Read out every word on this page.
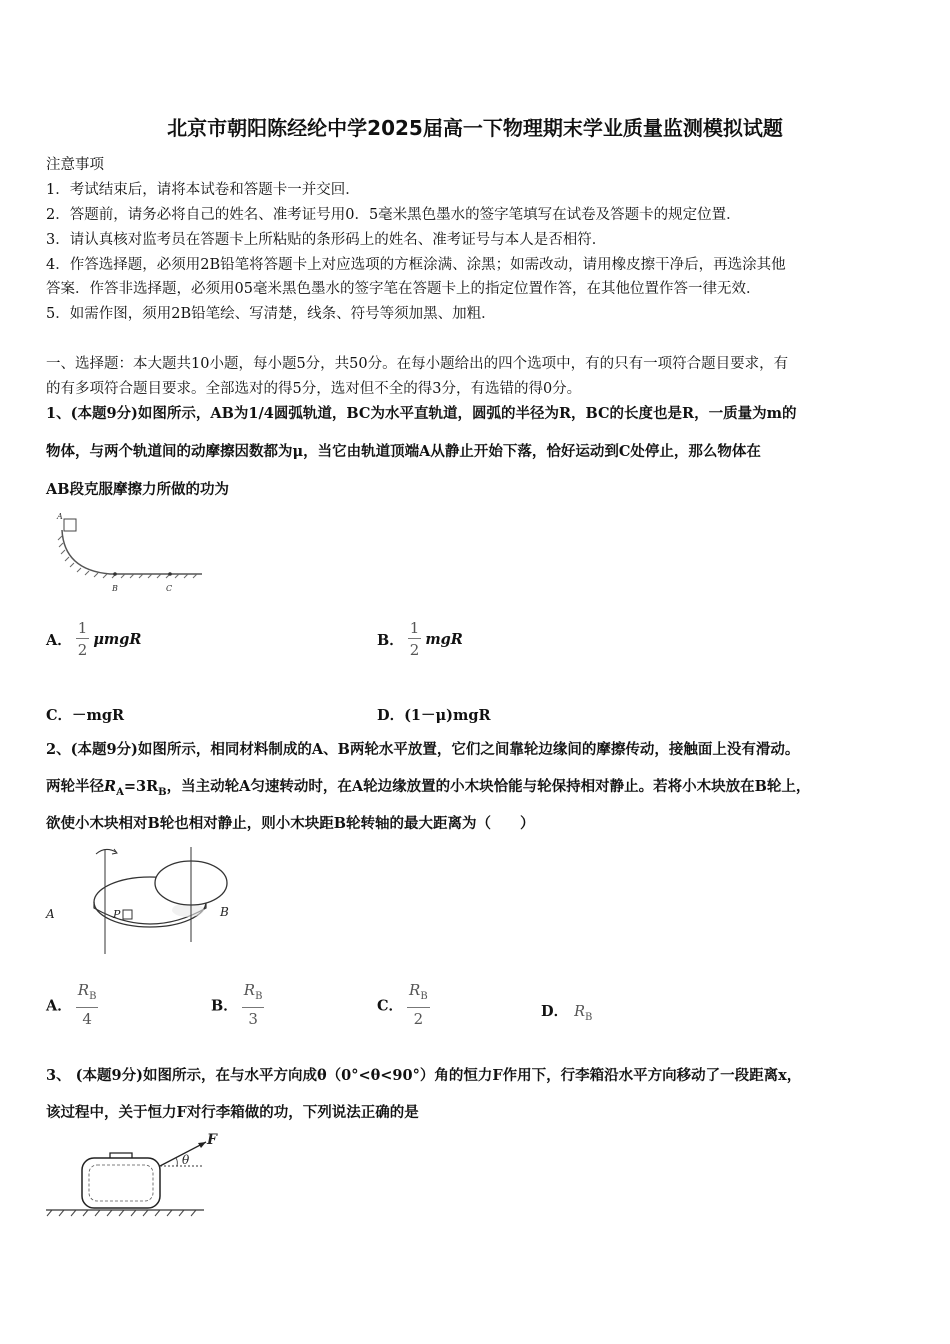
北京市朝阳陈经纶中学2025届高一下物理期末学业质量监测模拟试题
注意事项
1．考试结束后，请将本试卷和答题卡一并交回．
2．答题前，请务必将自己的姓名、准考证号用0．5毫米黑色墨水的签字笔填写在试卷及答题卡的规定位置．
3．请认真核对监考员在答题卡上所粘贴的条形码上的姓名、准考证号与本人是否相符．
4．作答选择题，必须用2B铅笔将答题卡上对应选项的方框涂满、涂黑；如需改动，请用橡皮擦干净后，再选涂其他
答案．作答非选择题，必须用05毫米黑色墨水的签字笔在答题卡上的指定位置作答，在其他位置作答一律无效．
5．如需作图，须用2B铅笔绘、写清楚，线条、符号等须加黑、加粗．
一、选择题：本大题共10小题，每小题5分，共50分。在每小题给出的四个选项中，有的只有一项符合题目要求，有
的有多项符合题目要求。全部选对的得5分，选对但不全的得3分，有选错的得0分。
1、(本题9分)如图所示，AB为1/4圆弧轨道，BC为水平直轨道，圆弧的半径为R，BC的长度也是R，一质量为m的
物体，与两个轨道间的动摩擦因数都为μ，当它由轨道顶端A从静止开始下落，恰好运动到C处停止，那么物体在
AB段克服摩擦力所做的功为
A
B	C
A． $\frac{1}{2}$ μmgR	B． $\frac{1}{2}$ mgR
C．－mgR	D．(1－μ)mgR
2、(本题9分)如图所示，相同材料制成的A、B两轮水平放置，它们之间靠轮边缘间的摩擦传动，接触面上没有滑动。
两轮半径$R_A=3R_B$，当主动轮A匀速转动时，在A轮边缘放置的小木块恰能与轮保持相对静止。若将小木块放在B轮上，
欲使小木块相对B轮也相对静止，则小木块距B轮转轴的最大距离为（　　）
P
A	B
A． $\frac{R_B}{4}$	B． $\frac{R_B}{3}$	C． $\frac{R_B}{2}$	D． $R_B$
3、 (本题9分)如图所示，在与水平方向成θ（0°<θ<90°）角的恒力F作用下，行李箱沿水平方向移动了一段距离x，
该过程中，关于恒力F对行李箱做的功，下列说法正确的是
θ
F
